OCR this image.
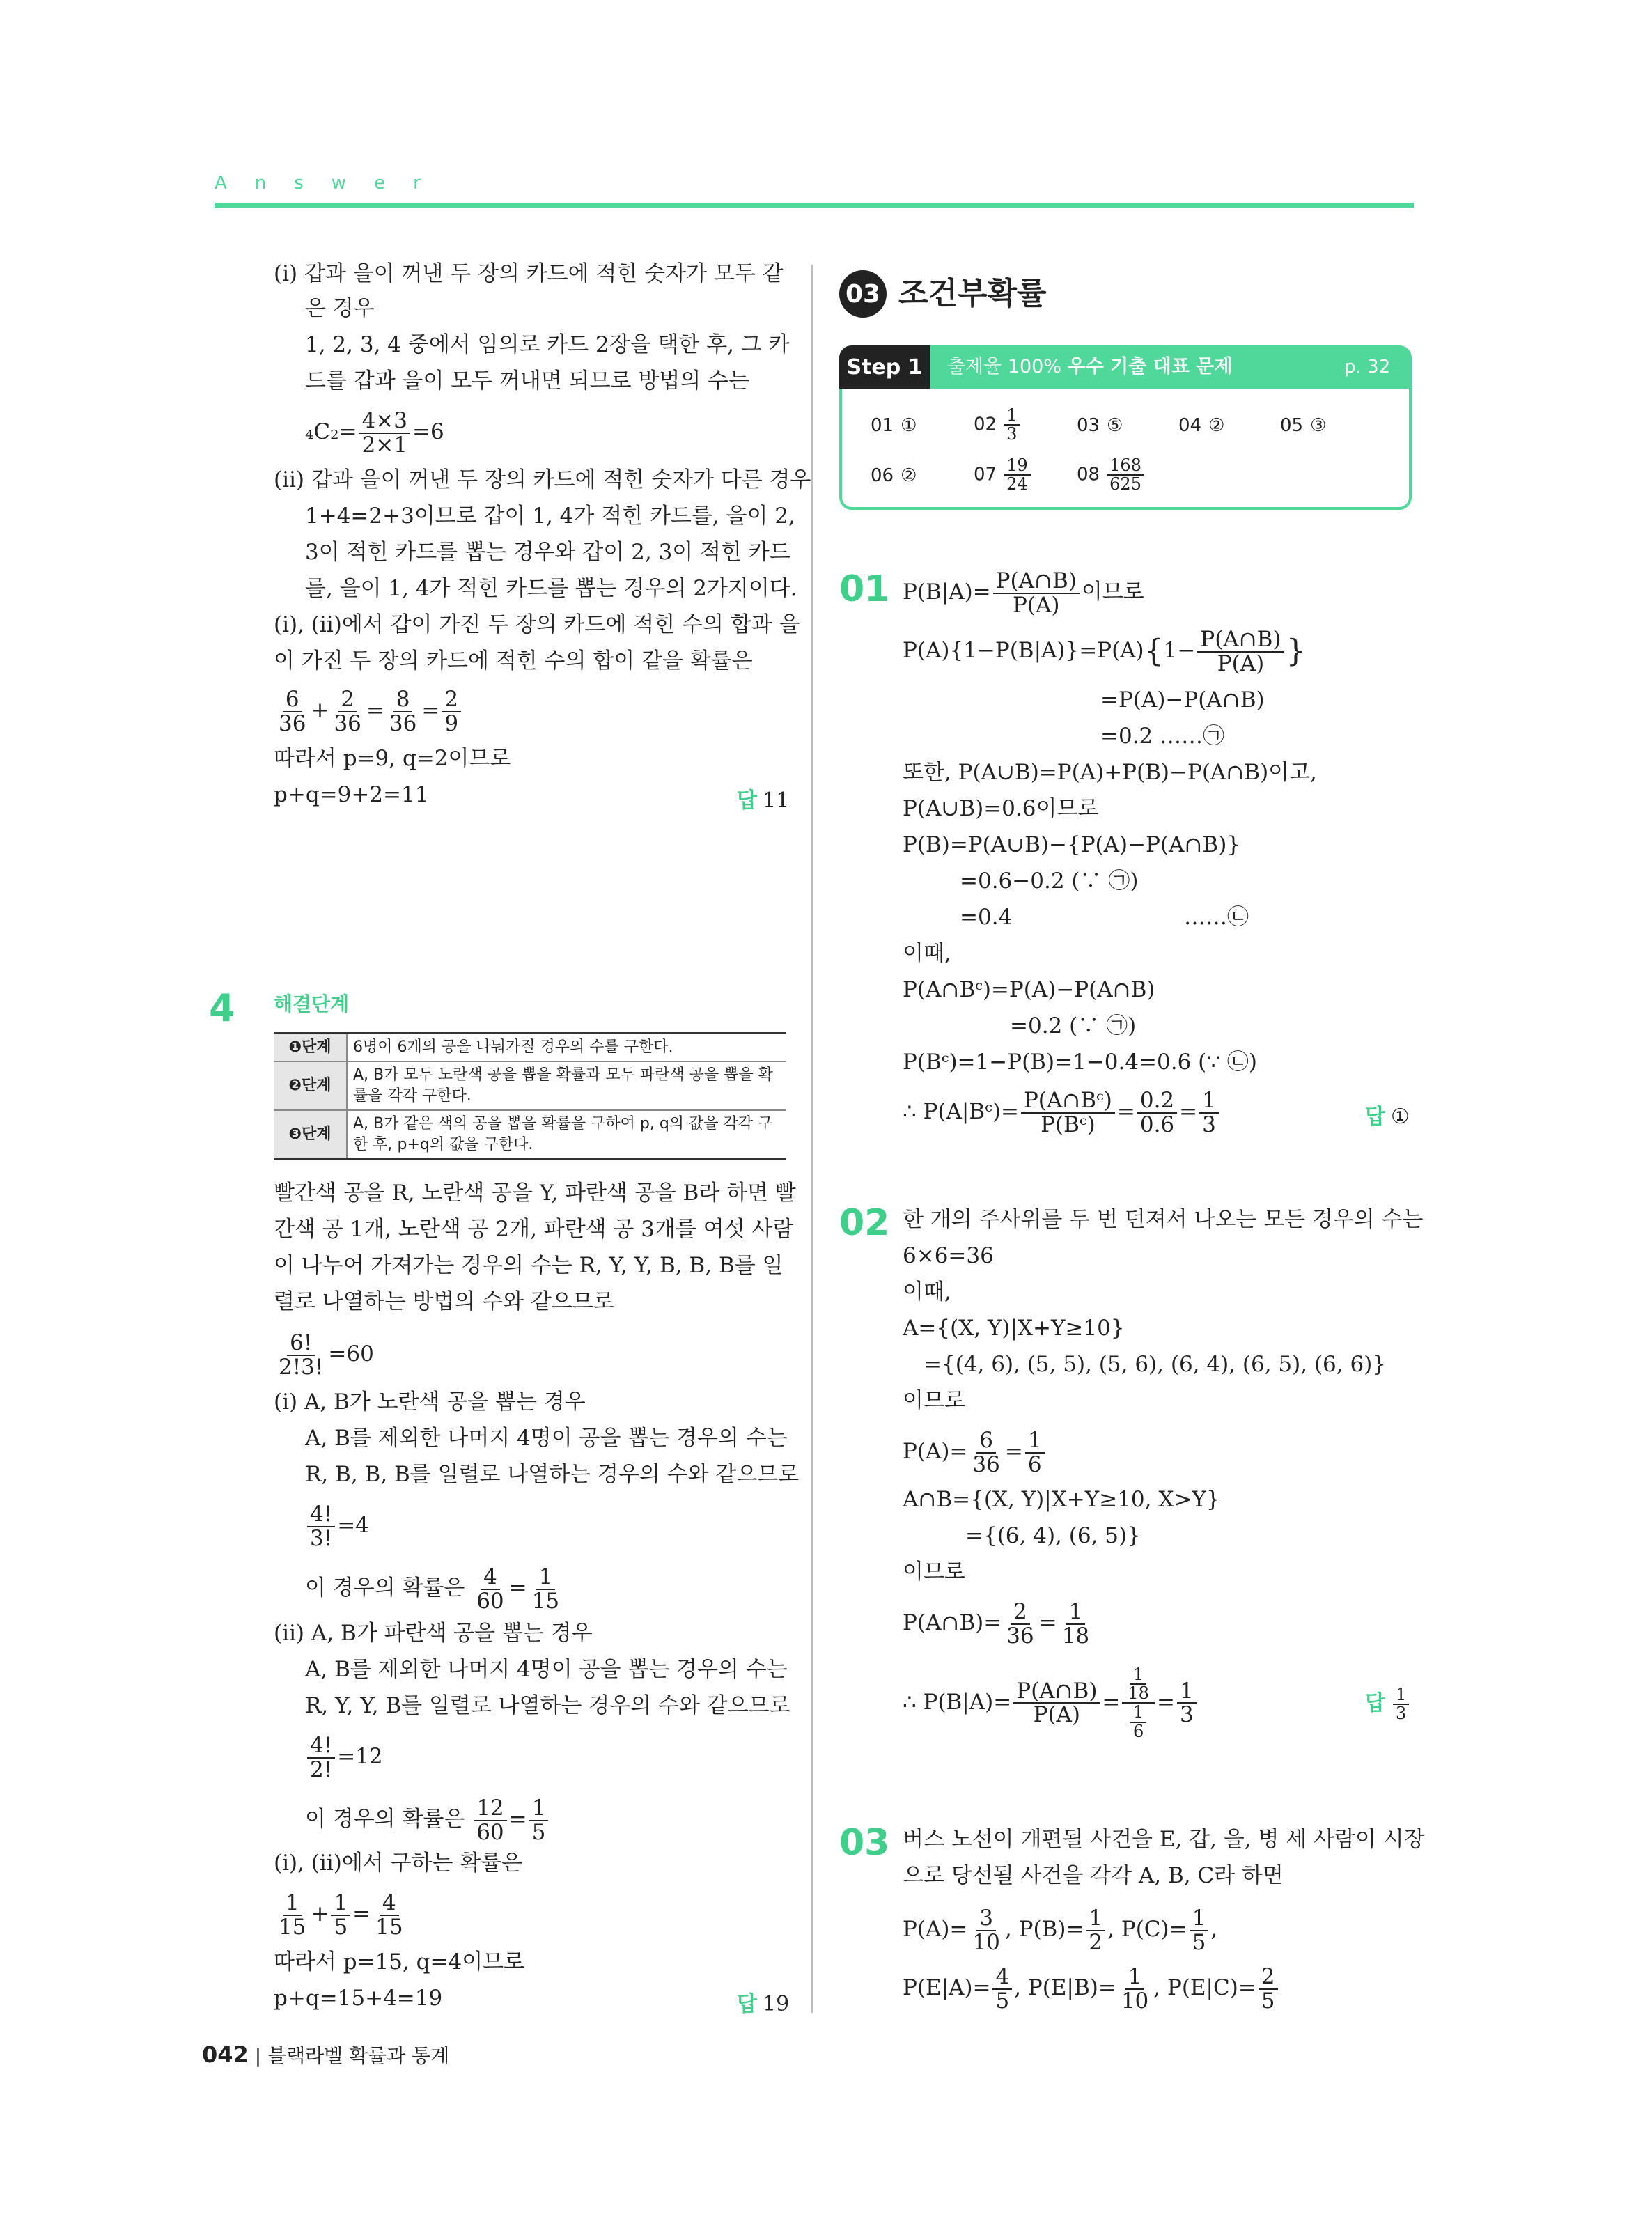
Answer
(ⅰ) 갑과 을이 꺼낸 두 장의 카드에 적힌 숫자가 모두 같
은 경우
1, 2, 3, 4 중에서 임의로 카드 2장을 택한 후, 그 카
드를 갑과 을이 모두 꺼내면 되므로 방법의 수는
$_4C_2= \frac{4\times 3}{2\times 1} =6$
(ⅱ) 갑과 을이 꺼낸 두 장의 카드에 적힌 숫자가 다른 경우
1+4=2+3이므로 갑이 1, 4가 적힌 카드를, 을이 2,
3이 적힌 카드를 뽑는 경우와 갑이 2, 3이 적힌 카드
를, 을이 1, 4가 적힌 카드를 뽑는 경우의 2가지이다.
(ⅰ), (ⅱ)에서 갑이 가진 두 장의 카드에 적힌 수의 합과 을
이 가진 두 장의 카드에 적힌 수의 합이 같을 확률은
$\frac{6}{36} + \frac{2}{36} = \frac{8}{36} = \frac{2}{9}$
따라서 p=9, q=2이므로
p+q=9+2=11	답 11
4 해결단계
❶단계	6명이 6개의 공을 나눠가질 경우의 수를 구한다.
❷단계	A, B가 모두 노란색 공을 뽑을 확률과 모두 파란색 공을 뽑을 확률을 각각 구한다.
❸단계	A, B가 같은 색의 공을 뽑을 확률을 구하여 p, q의 값을 각각 구한 후, p+q의 값을 구한다.
빨간색 공을 R, 노란색 공을 Y, 파란색 공을 B라 하면 빨
간색 공 1개, 노란색 공 2개, 파란색 공 3개를 여섯 사람
이 나누어 가져가는 경우의 수는 R, Y, Y, B, B, B를 일
렬로 나열하는 방법의 수와 같으므로
$\frac{6!}{2!3!} =60$
(ⅰ) A, B가 노란색 공을 뽑는 경우
A, B를 제외한 나머지 4명이 공을 뽑는 경우의 수는
R, B, B, B를 일렬로 나열하는 경우의 수와 같으므로
$\frac{4!}{3!} =4$
이 경우의 확률은 $\frac{4}{60} = \frac{1}{15}$
(ⅱ) A, B가 파란색 공을 뽑는 경우
A, B를 제외한 나머지 4명이 공을 뽑는 경우의 수는
R, Y, Y, B를 일렬로 나열하는 경우의 수와 같으므로
$\frac{4!}{2!} =12$
이 경우의 확률은 $\frac{12}{60} = \frac{1}{5}$
(ⅰ), (ⅱ)에서 구하는 확률은
$\frac{1}{15} + \frac{1}{5} = \frac{4}{15}$
따라서 p=15, q=4이므로
p+q=15+4=19	답 19
03 조건부확률
Step 1	출제율 100% 우수 기출 대표 문제	p. 32
01 ①	$02 \frac{1}{3}$	03 ⑤	04 ②	05 ③
06 ②	$07 \frac{19}{24}$	$08 \frac{168}{625}$
01 $P(B|A)= \frac{P(A\cap B)}{P(A)}$ 이므로
$P(A)\{1-P(B|A)\}=P(A)\{1- \frac{P(A\cap B)}{P(A)}$ }
=P(A)−P(A∩B)
=0.2 ……㉠
또한, P(A∪B)=P(A)+P(B)−P(A∩B)이고,
P(A∪B)=0.6이므로
P(B)=P(A∪B)−{P(A)−P(A∩B)}
=0.6−0.2 (∵ ㉠)
=0.4	……㉡
이때,
P(A∩Bᶜ)=P(A)−P(A∩B)
=0.2 (∵ ㉠)
P(Bᶜ)=1−P(B)=1−0.4=0.6 (∵ ㉡)
∴ P(A|Bᶜ)= $\frac{\text{P(A∩Bᶜ)}}{\text{P(Bᶜ)}} = \frac{0.2}{0.6} = \frac{1}{3}$	답 ①
02 한 개의 주사위를 두 번 던져서 나오는 모든 경우의 수는
6×6=36
이때,
A={(X, Y)|X+Y≥10}
={(4, 6), (5, 5), (5, 6), (6, 4), (6, 5), (6, 6)}
이므로
$P(A)= \frac{6}{36} = \frac{1}{6}$
A∩B={(X, Y)|X+Y≥10, X>Y}
={(6, 4), (6, 5)}
이므로
P(A∩B)= $\frac{2}{36} = \frac{1}{18}$
∴ $P(B|A)= \frac{P(A\cap B)}{P(A)} = \frac{\frac{1}{18}}{\frac{1}{6}} = \frac{1}{3}$	답 $\frac{1}{3}$
03 버스 노선이 개편될 사건을 E, 갑, 을, 병 세 사람이 시장
으로 당선될 사건을 각각 A, B, C라 하면
$P(A)= \frac{3}{10}$ , $P(B)= \frac{1}{2}$ , $P(C)= \frac{1}{5}$ ,
$P(E|A)= \frac{4}{5}$ , $P(E|B)= \frac{1}{10}$ , $P(E|C)= \frac{2}{5}$
042 | 블랙라벨 확률과 통계
